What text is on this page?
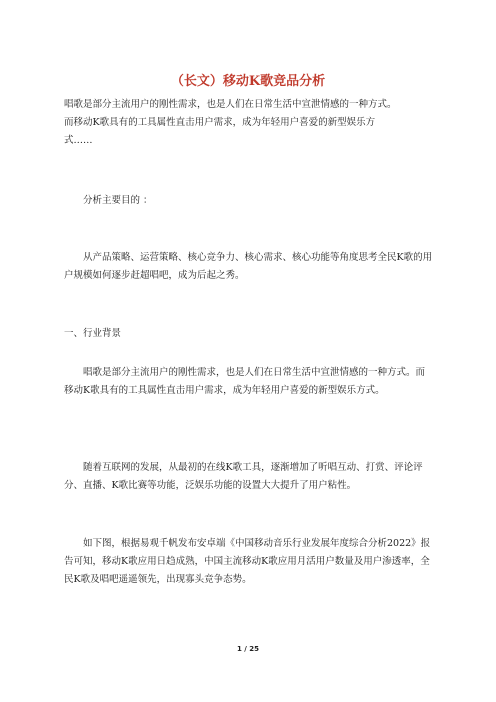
（长文）移动K歌竞品分析

唱歌是部分主流用户的刚性需求，也是人们在日常生活中宣泄情感的一种方式。
而移动K歌具有的工具属性直击用户需求，成为年轻用户喜爱的新型娱乐方
式……

分析主要目的 ：

从产品策略、运营策略、核心竞争力、核心需求、核心功能等角度思考全民K歌的用户规模如何逐步赶超唱吧，成为后起之秀。

一、行业背景

唱歌是部分主流用户的刚性需求，也是人们在日常生活中宣泄情感的一种方式。而移动K歌具有的工具属性直击用户需求，成为年轻用户喜爱的新型娱乐方式。

随着互联网的发展，从最初的在线K歌工具，逐渐增加了听唱互动、打赏、评论评分、直播、K歌比赛等功能，泛娱乐功能的设置大大提升了用户粘性。

如下图，根据易观千帆发布安卓端《中国移动音乐行业发展年度综合分析2022》报告可知，移动K歌应用日趋成熟，中国主流移动K歌应用月活用户数量及用户渗透率，全民K歌及唱吧遥遥领先，出现寡头竞争态势。

1 / 25
